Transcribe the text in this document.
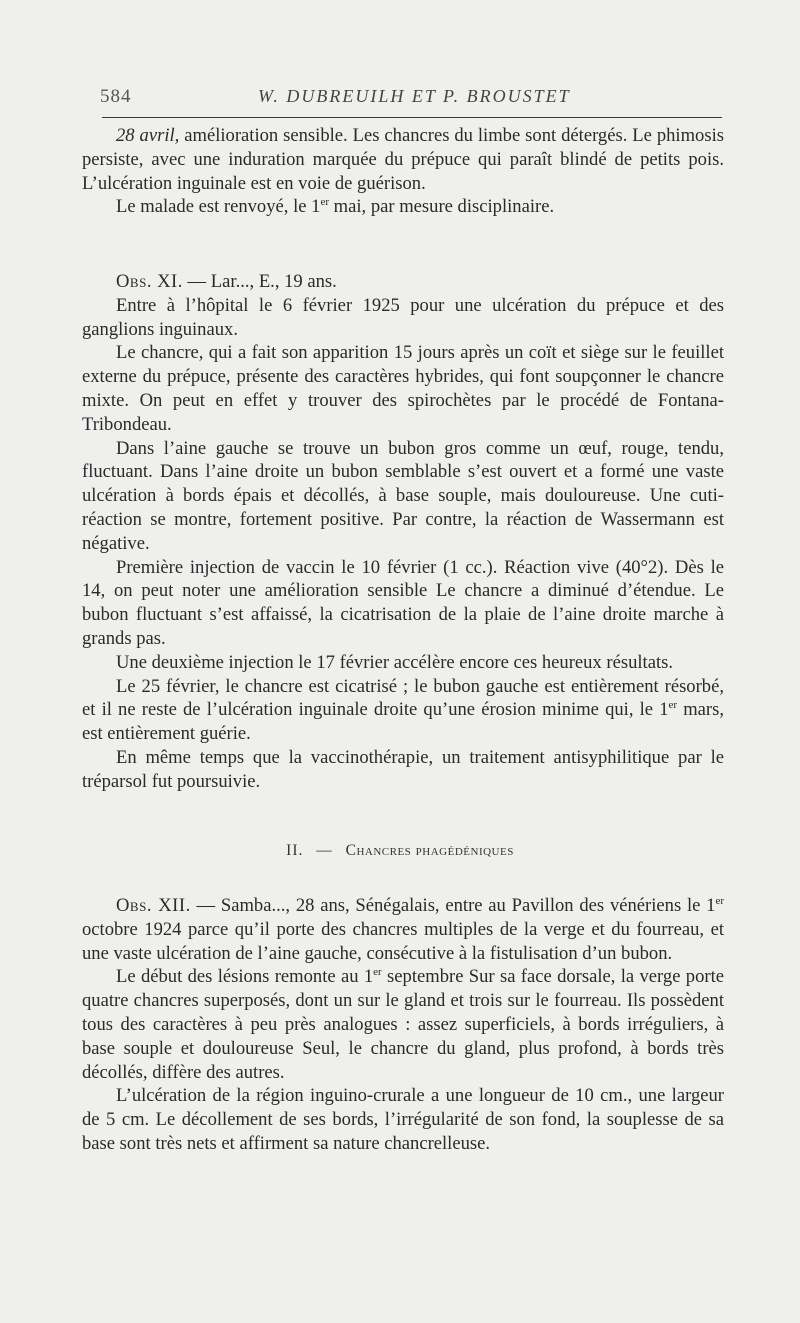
584	W. DUBREUILH ET P. BROUSTET

28 avril, amélioration sensible. Les chancres du limbe sont détergés. Le phimosis persiste, avec une induration marquée du prépuce qui paraît blindé de petits pois. L’ulcération inguinale est en voie de guérison.

Le malade est renvoyé, le 1er mai, par mesure disciplinaire.

Obs. XI. — Lar..., E., 19 ans.

Entre à l’hôpital le 6 février 1925 pour une ulcération du prépuce et des ganglions inguinaux.

Le chancre, qui a fait son apparition 15 jours après un coït et siège sur le feuillet externe du prépuce, présente des caractères hybrides, qui font soupçonner le chancre mixte. On peut en effet y trouver des spirochètes par le procédé de Fontana-Tribondeau.

Dans l’aine gauche se trouve un bubon gros comme un œuf, rouge, tendu, fluctuant. Dans l’aine droite un bubon semblable s’est ouvert et a formé une vaste ulcération à bords épais et décollés, à base souple, mais douloureuse. Une cuti-réaction se montre, fortement positive. Par contre, la réaction de Wassermann est négative.

Première injection de vaccin le 10 février (1 cc.). Réaction vive (40°2). Dès le 14, on peut noter une amélioration sensible Le chancre a diminué d’étendue. Le bubon fluctuant s’est affaissé, la cicatrisation de la plaie de l’aine droite marche à grands pas.

Une deuxième injection le 17 février accélère encore ces heureux résultats.

Le 25 février, le chancre est cicatrisé ; le bubon gauche est entièrement résorbé, et il ne reste de l’ulcération inguinale droite qu’une érosion minime qui, le 1er mars, est entièrement guérie.

En même temps que la vaccinothérapie, un traitement antisyphilitique par le tréparsol fut poursuivie.

II. — Chancres phagédéniques

Obs. XII. — Samba..., 28 ans, Sénégalais, entre au Pavillon des vénériens le 1er octobre 1924 parce qu’il porte des chancres multiples de la verge et du fourreau, et une vaste ulcération de l’aine gauche, consécutive à la fistulisation d’un bubon.

Le début des lésions remonte au 1er septembre Sur sa face dorsale, la verge porte quatre chancres superposés, dont un sur le gland et trois sur le fourreau. Ils possèdent tous des caractères à peu près analogues : assez superficiels, à bords irréguliers, à base souple et douloureuse Seul, le chancre du gland, plus profond, à bords très décollés, diffère des autres.

L’ulcération de la région inguino-crurale a une longueur de 10 cm., une largeur de 5 cm. Le décollement de ses bords, l’irrégularité de son fond, la souplesse de sa base sont très nets et affirment sa nature chancrelleuse.
